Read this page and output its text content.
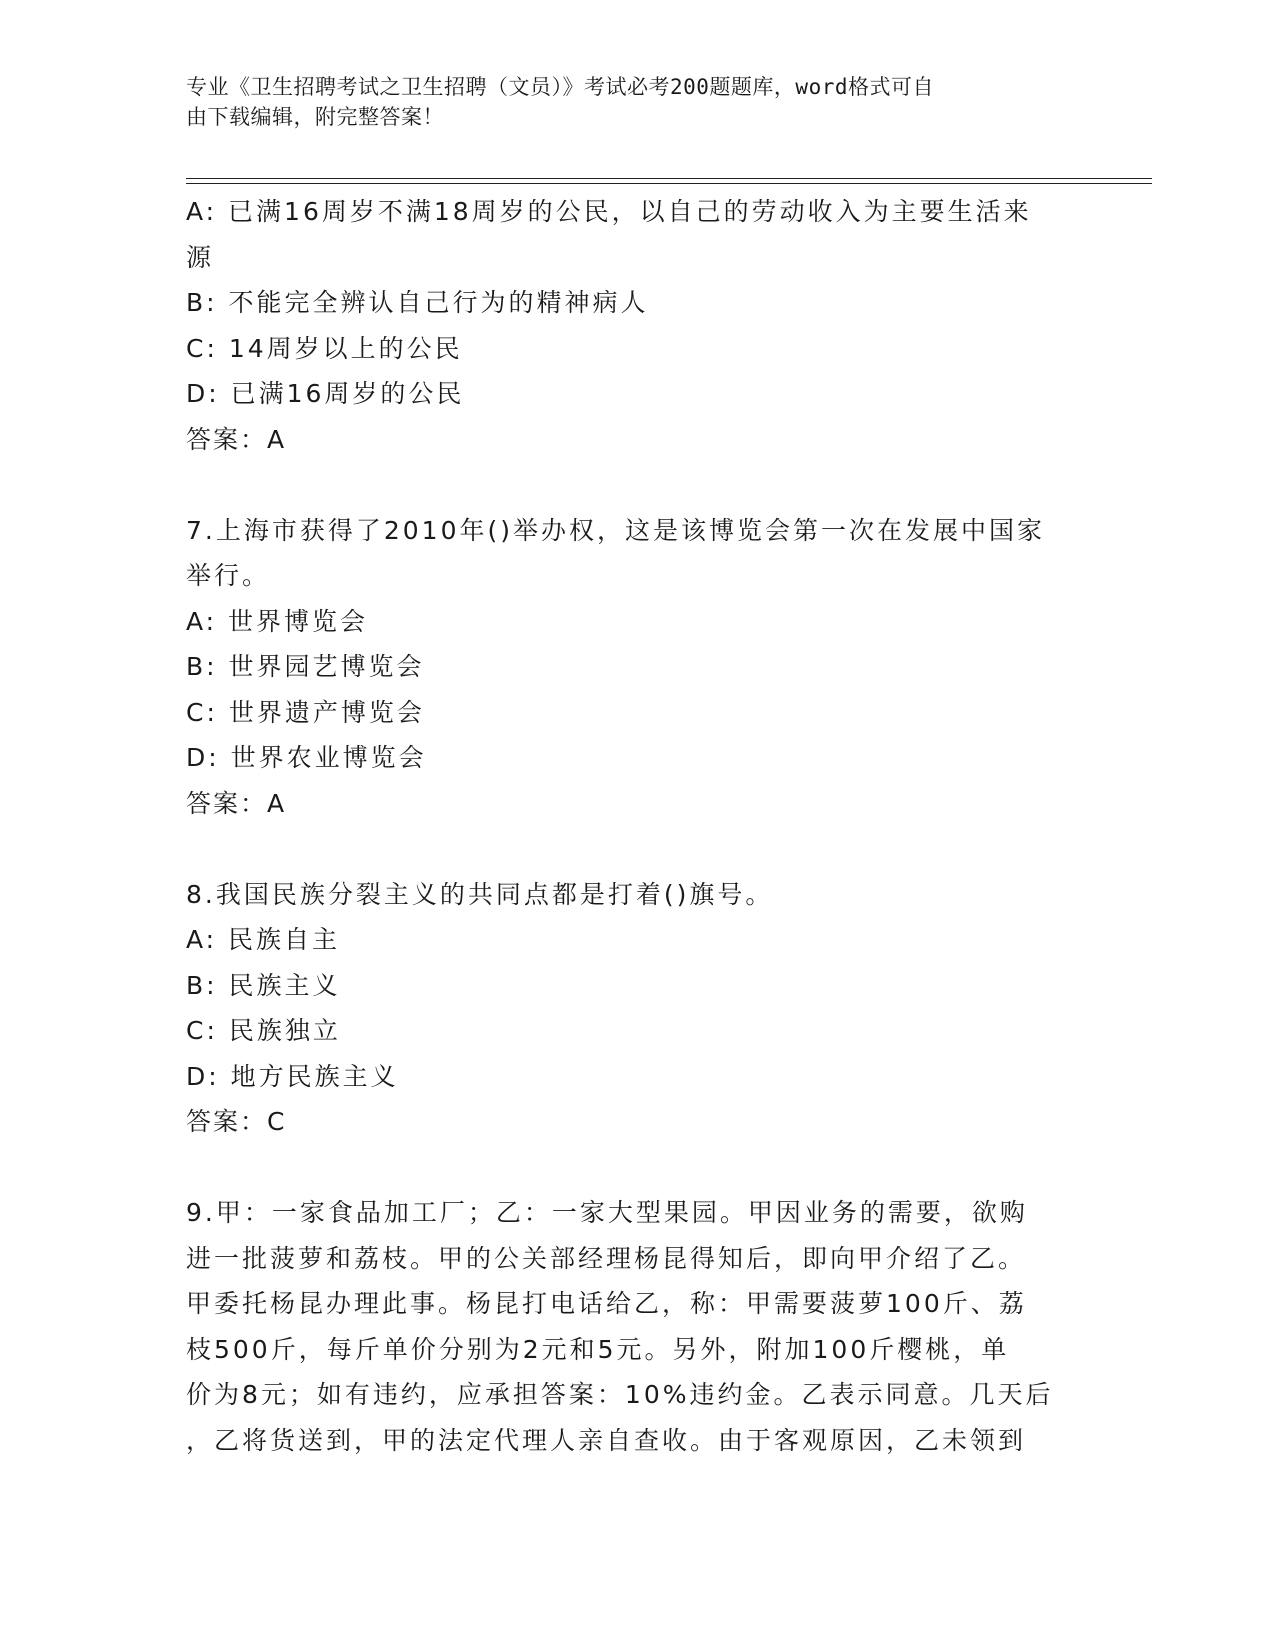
专业《卫生招聘考试之卫生招聘（文员）》考试必考200题题库，word格式可自
由下载编辑，附完整答案！
A: 已满16周岁不满18周岁的公民，以自己的劳动收入为主要生活来
源
B: 不能完全辨认自己行为的精神病人
C: 14周岁以上的公民
D: 已满16周岁的公民
答案：A
7.上海市获得了2010年()举办权，这是该博览会第一次在发展中国家
举行。
A: 世界博览会
B: 世界园艺博览会
C: 世界遗产博览会
D: 世界农业博览会
答案：A
8.我国民族分裂主义的共同点都是打着()旗号。
A: 民族自主
B: 民族主义
C: 民族独立
D: 地方民族主义
答案：C
9.甲：一家食品加工厂；乙：一家大型果园。甲因业务的需要，欲购
进一批菠萝和荔枝。甲的公关部经理杨昆得知后，即向甲介绍了乙。
甲委托杨昆办理此事。杨昆打电话给乙，称：甲需要菠萝100斤、荔
枝500斤，每斤单价分别为2元和5元。另外，附加100斤樱桃，单
价为8元；如有违约，应承担答案：10%违约金。乙表示同意。几天后
，乙将货送到，甲的法定代理人亲自查收。由于客观原因，乙未领到
